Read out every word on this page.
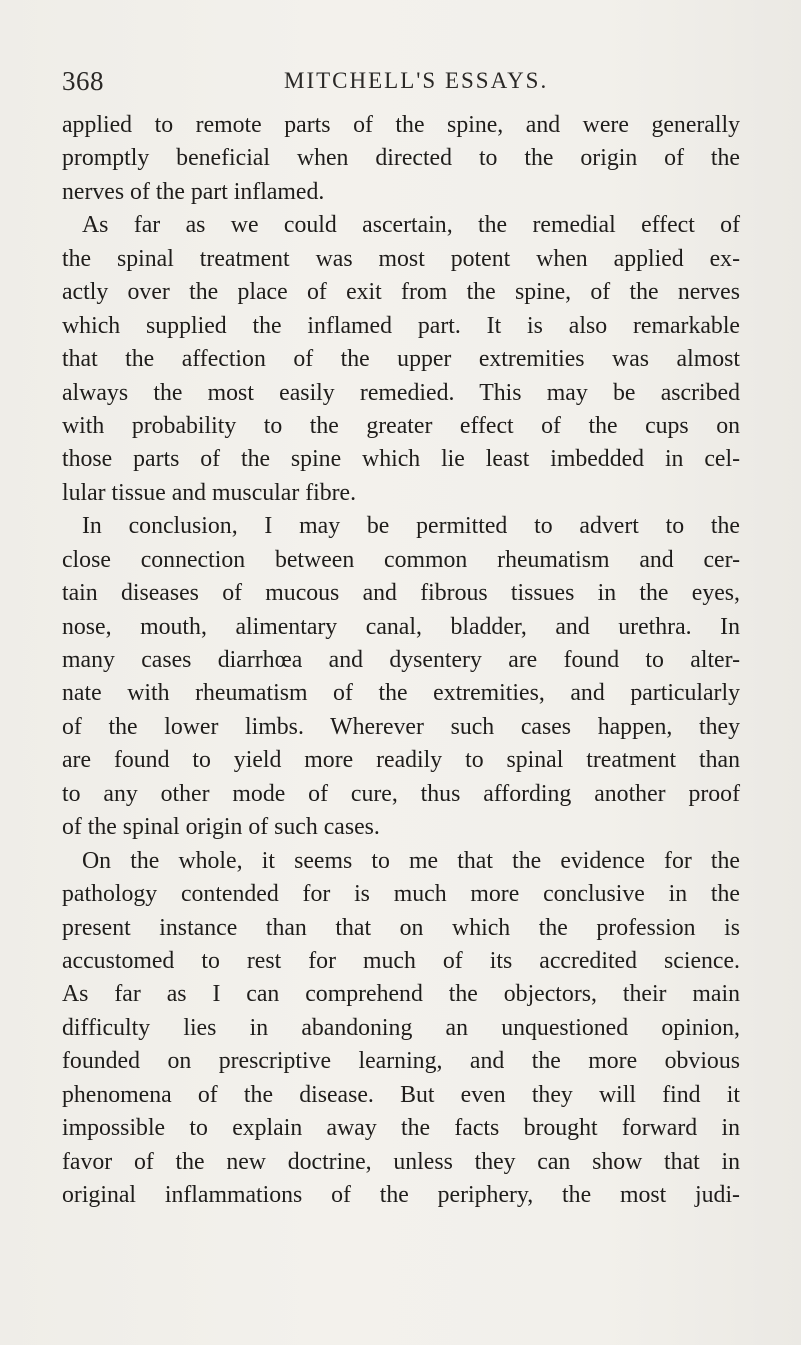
368	MITCHELL'S ESSAYS.
applied to remote parts of the spine, and were generally
promptly beneficial when directed to the origin of the
nerves of the part inflamed.
As far as we could ascertain, the remedial effect of
the spinal treatment was most potent when applied ex-
actly over the place of exit from the spine, of the nerves
which supplied the inflamed part. It is also remarkable
that the affection of the upper extremities was almost
always the most easily remedied. This may be ascribed
with probability to the greater effect of the cups on
those parts of the spine which lie least imbedded in cel-
lular tissue and muscular fibre.
In conclusion, I may be permitted to advert to the
close connection between common rheumatism and cer-
tain diseases of mucous and fibrous tissues in the eyes,
nose, mouth, alimentary canal, bladder, and urethra. In
many cases diarrhœa and dysentery are found to alter-
nate with rheumatism of the extremities, and particularly
of the lower limbs. Wherever such cases happen, they
are found to yield more readily to spinal treatment than
to any other mode of cure, thus affording another proof
of the spinal origin of such cases.
On the whole, it seems to me that the evidence for the
pathology contended for is much more conclusive in the
present instance than that on which the profession is
accustomed to rest for much of its accredited science.
As far as I can comprehend the objectors, their main
difficulty lies in abandoning an unquestioned opinion,
founded on prescriptive learning, and the more obvious
phenomena of the disease. But even they will find it
impossible to explain away the facts brought forward in
favor of the new doctrine, unless they can show that in
original inflammations of the periphery, the most judi-
